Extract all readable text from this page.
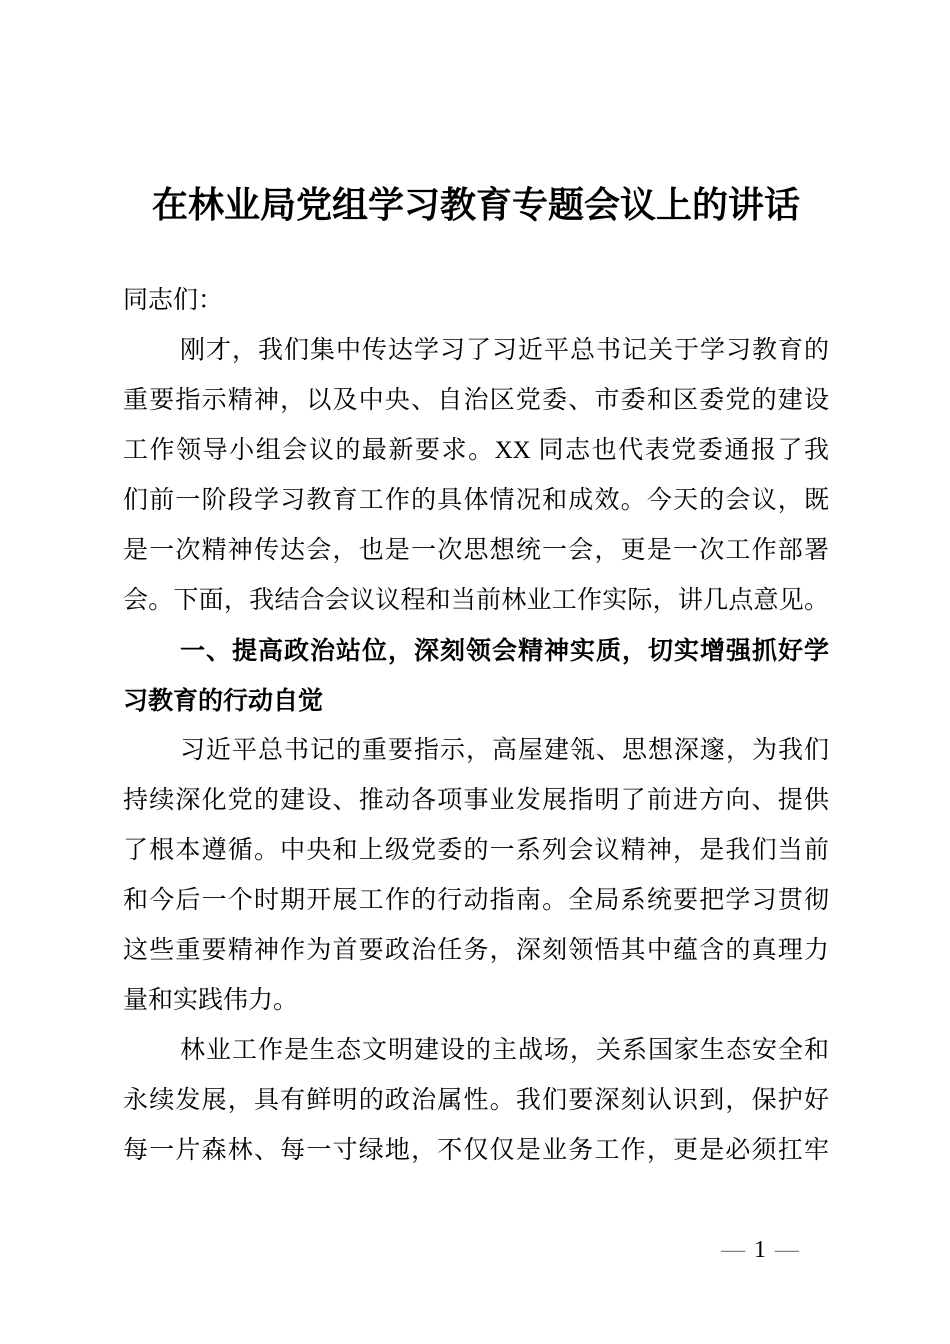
在林业局党组学习教育专题会议上的讲话
同志们：
刚才，我们集中传达学习了习近平总书记关于学习教育的
重要指示精神，以及中央、自治区党委、市委和区委党的建设
工作领导小组会议的最新要求。XX 同志也代表党委通报了我
们前一阶段学习教育工作的具体情况和成效。今天的会议，既
是一次精神传达会，也是一次思想统一会，更是一次工作部署
会。下面，我结合会议议程和当前林业工作实际，讲几点意见。
一、提高政治站位，深刻领会精神实质，切实增强抓好学
习教育的行动自觉
习近平总书记的重要指示，高屋建瓴、思想深邃，为我们
持续深化党的建设、推动各项事业发展指明了前进方向、提供
了根本遵循。中央和上级党委的一系列会议精神，是我们当前
和今后一个时期开展工作的行动指南。全局系统要把学习贯彻
这些重要精神作为首要政治任务，深刻领悟其中蕴含的真理力
量和实践伟力。
林业工作是生态文明建设的主战场，关系国家生态安全和
永续发展，具有鲜明的政治属性。我们要深刻认识到，保护好
每一片森林、每一寸绿地，不仅仅是业务工作，更是必须扛牢
— 1 —
